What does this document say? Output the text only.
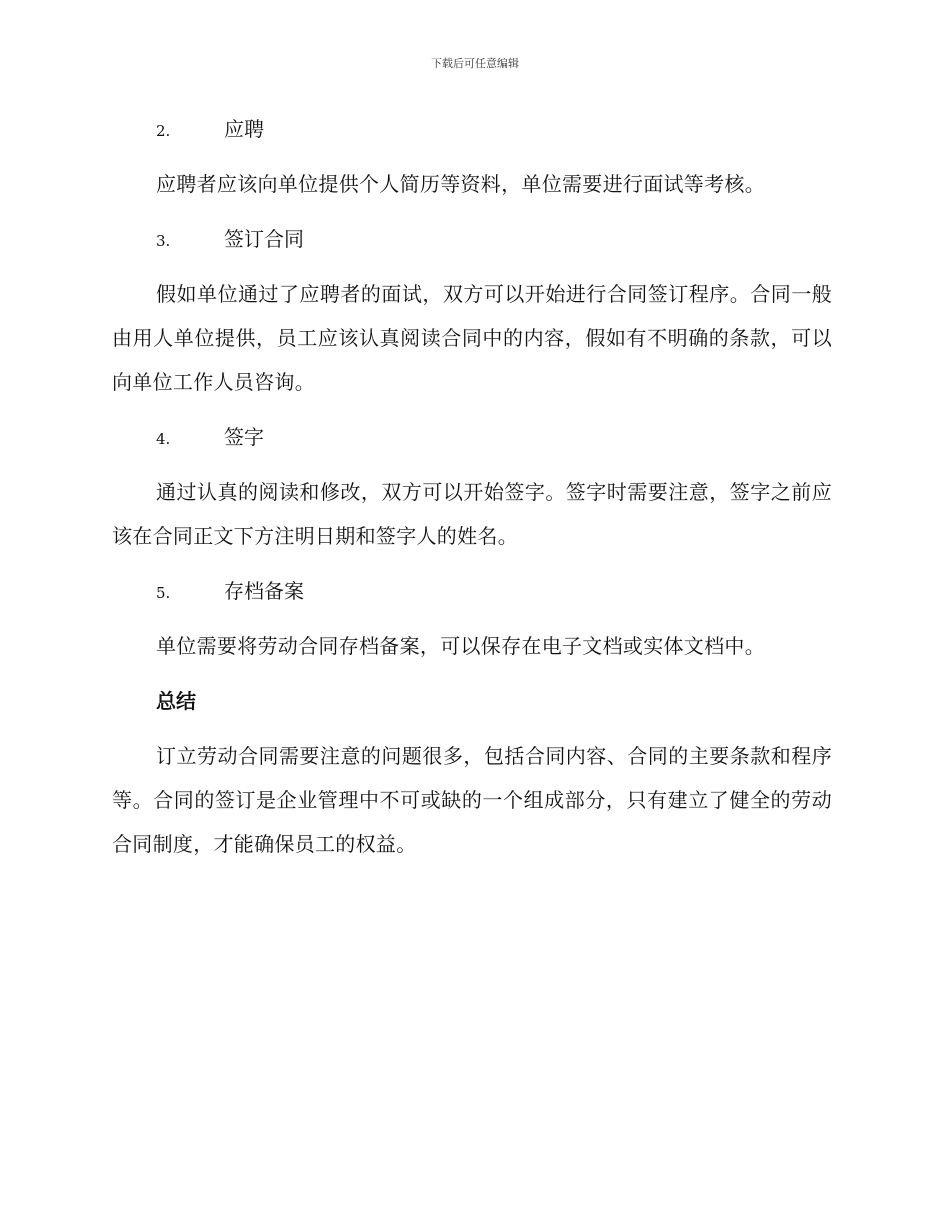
下载后可任意编辑
2.	应聘

应聘者应该向单位提供个人简历等资料，单位需要进行面试等考核。

3.	签订合同

假如单位通过了应聘者的面试，双方可以开始进行合同签订程序。合同一般由用人单位提供，员工应该认真阅读合同中的内容，假如有不明确的条款，可以向单位工作人员咨询。

4.	签字

通过认真的阅读和修改，双方可以开始签字。签字时需要注意，签字之前应该在合同正文下方注明日期和签字人的姓名。

5.	存档备案

单位需要将劳动合同存档备案，可以保存在电子文档或实体文档中。

总结

订立劳动合同需要注意的问题很多，包括合同内容、合同的主要条款和程序等。合同的签订是企业管理中不可或缺的一个组成部分，只有建立了健全的劳动合同制度，才能确保员工的权益。
